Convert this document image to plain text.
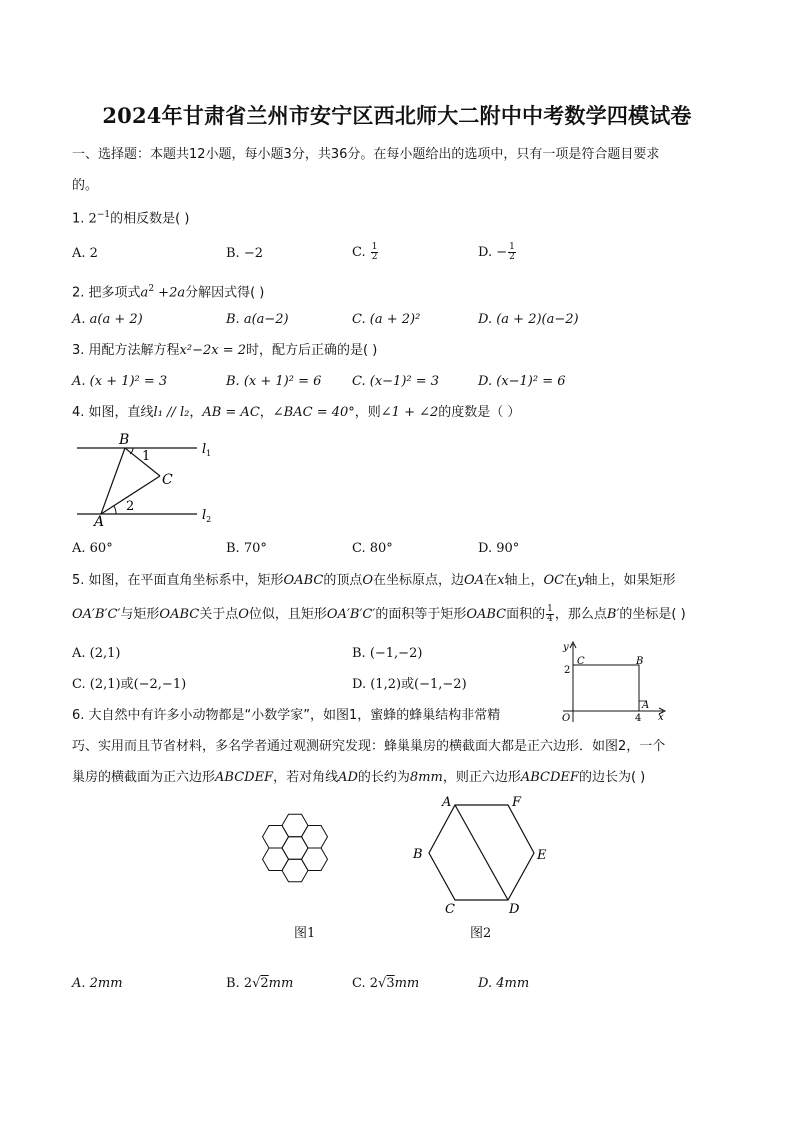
2024年甘肃省兰州市安宁区西北师大二附中中考数学四模试卷
一、选择题：本题共12小题，每小题3分，共36分。在每小题给出的选项中，只有一项是符合题目要求
的。
1. $2^{-1}$的相反数是( )
A. 2	B. −2	C. $\frac{1}{2}$	D. − $\frac{1}{2}$
2. 把多项式$a^2 +2a$分解因式得( )
A. a(a + 2)	B. a(a−2)	C. (a + 2)²	D. (a + 2)(a−2)
3. 用配方法解方程x²−2x = 2时，配方后正确的是( )
A. (x + 1)² = 3	B. (x + 1)² = 6 C. (x−1)² = 3	D. (x−1)² = 6
4. 如图，直线l₁ // l₂，AB = AC，∠BAC = 40°，则∠1 + ∠2的度数是（ ）
B
1
C
2
A
$l_1$
$l_2$
A. 60°	B. 70°	C. 80°	D. 90°
5. 如图，在平面直角坐标系中，矩形OABC的顶点O在坐标原点，边OA在x轴上，OC在y轴上，如果矩形
OA′B′C′与矩形OABC关于点O位似，且矩形OA′B′C′的面积等于矩形OABC面积的 $\frac{1}{4}$ ，那么点B′的坐标是( )
A. (2,1)	B. (−1,−2)
C. (2,1)或(−2,−1)	D. (1,2)或(−1,−2)
y
x
C	B
A
O
2
4
6. 大自然中有许多小动物都是“小数学家”，如图1，蜜蜂的蜂巢结构非常精
巧、实用而且节省材料，多名学者通过观测研究发现：蜂巢巢房的横截面大都是正六边形．如图2，一个
巢房的横截面为正六边形ABCDEF，若对角线AD的长约为8mm，则正六边形ABCDEF的边长为( )
图1
A	F
B	E
C	D
图2
A. 2mm	B. 2√2mm	C. 2√3mm	D. 4mm
